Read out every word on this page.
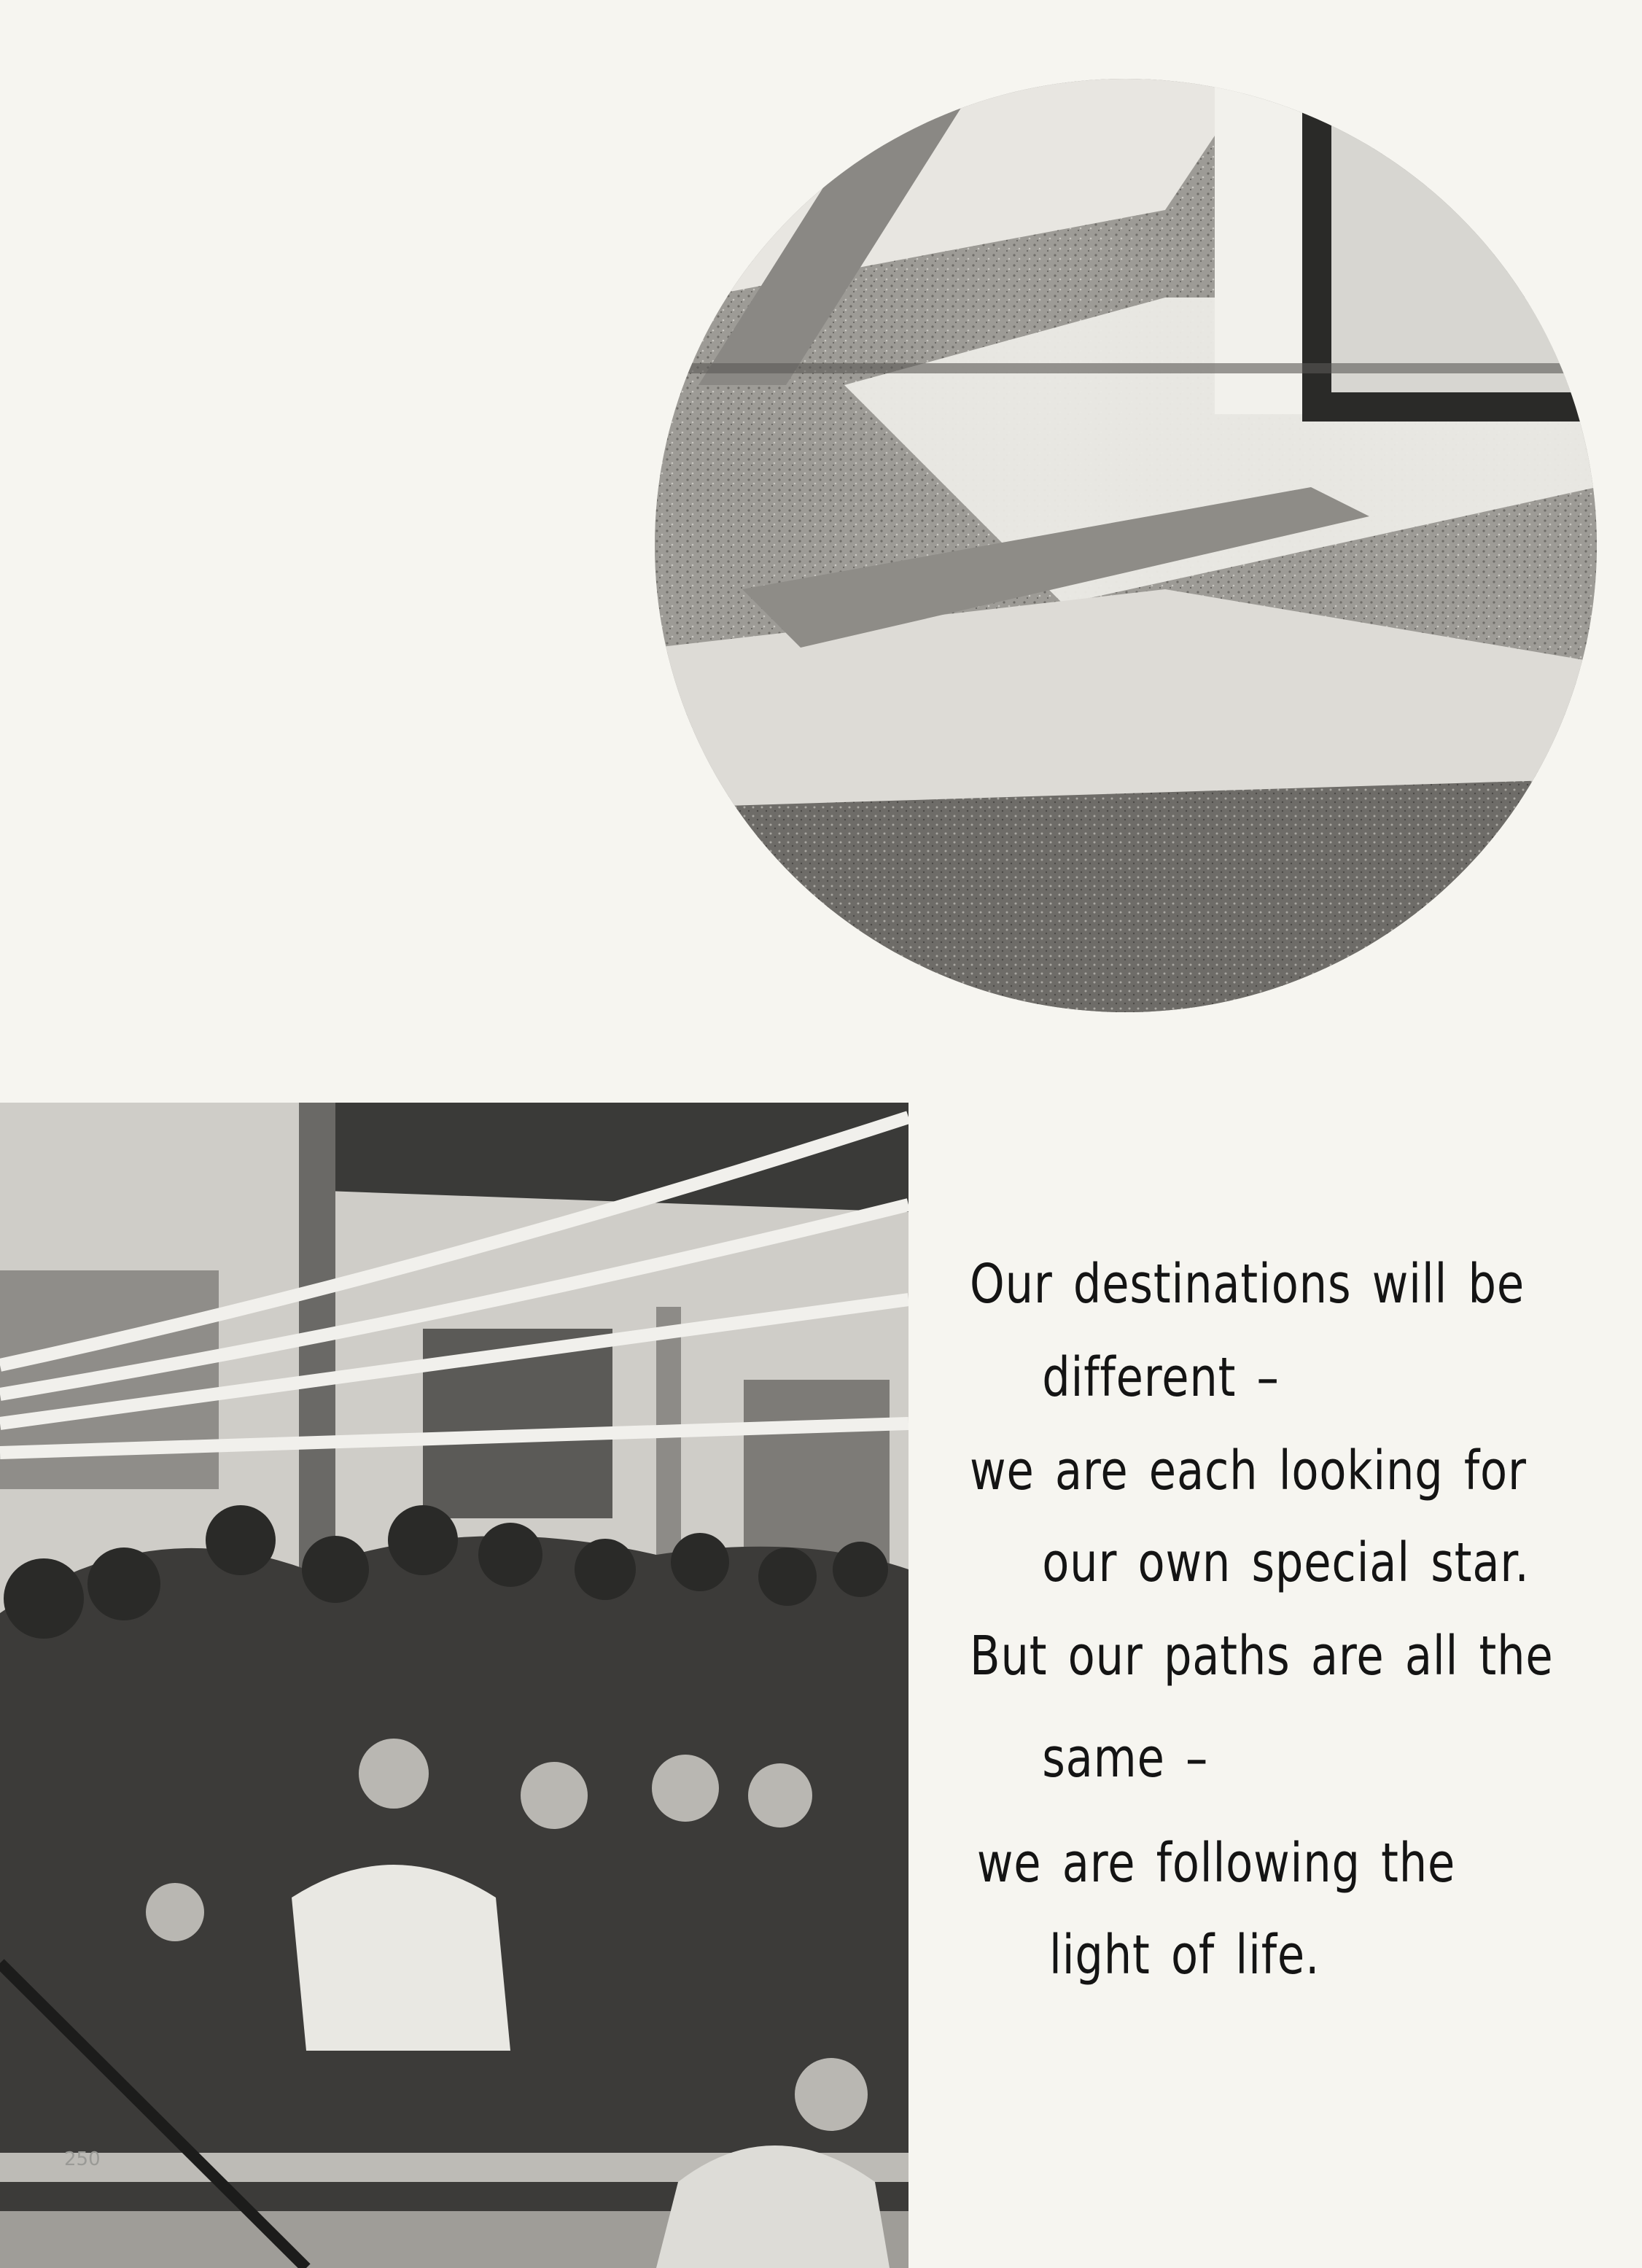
Our destinations will be
different –
we are each looking for
our own special star.
But our paths are all the
same –
we are following the
light of life.
250
